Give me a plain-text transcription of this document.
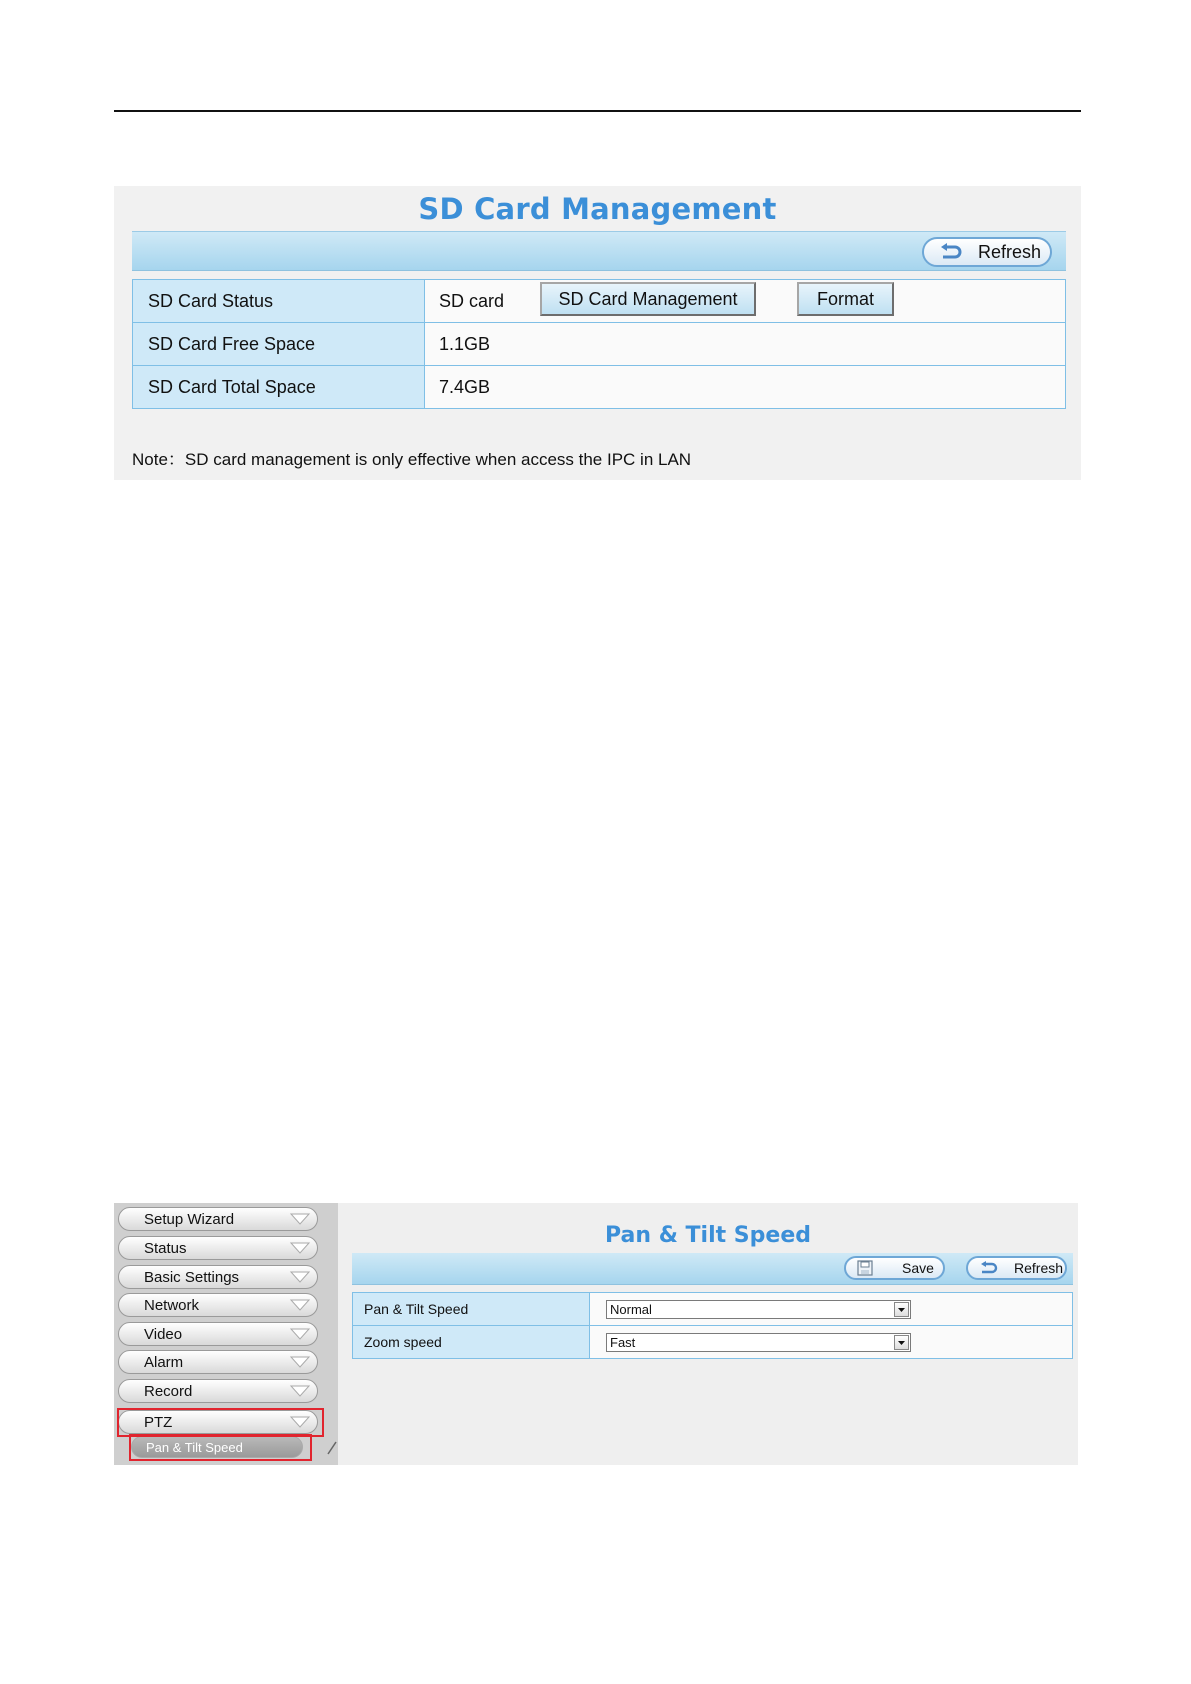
SD Card Management
Refresh
SD Card Status	SD card SD Card Management Format

SD Card Free Space	1.1GB
SD Card Total Space	7.4GB
Note：SD card management is only effective when access the IPC in LAN
Setup Wizard
Status
Basic Settings
Network
Video
Alarm
Record
PTZ
Pan & Tilt Speed
Pan & Tilt Speed
Save	Refresh
Pan & Tilt Speed	Normal

Zoom speed	Fast
